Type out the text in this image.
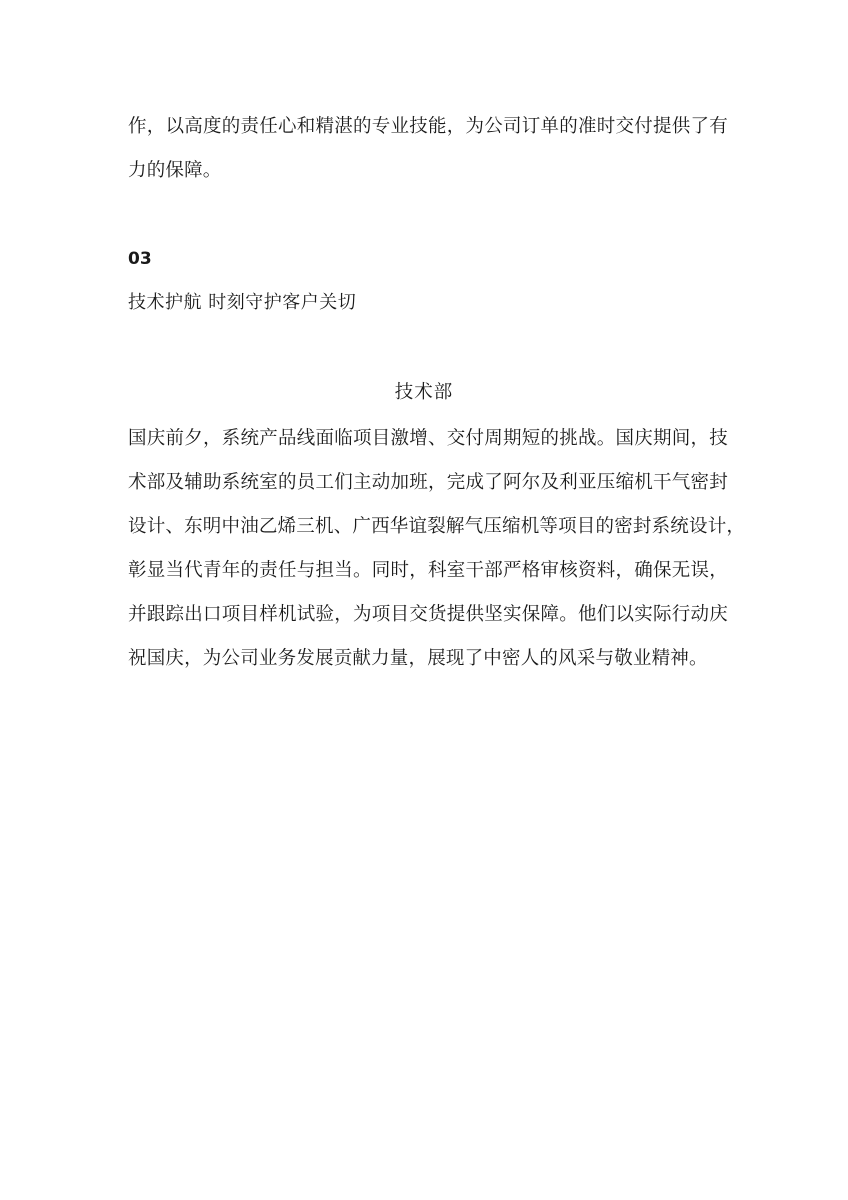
作，以高度的责任心和精湛的专业技能，为公司订单的准时交付提供了有
力的保障。
03
技术护航 时刻守护客户关切
技术部
国庆前夕，系统产品线面临项目激增、交付周期短的挑战。国庆期间，技
术部及辅助系统室的员工们主动加班，完成了阿尔及利亚压缩机干气密封
设计、东明中油乙烯三机、广西华谊裂解气压缩机等项目的密封系统设计，
彰显当代青年的责任与担当。同时，科室干部严格审核资料，确保无误，
并跟踪出口项目样机试验，为项目交货提供坚实保障。他们以实际行动庆
祝国庆，为公司业务发展贡献力量，展现了中密人的风采与敬业精神。
